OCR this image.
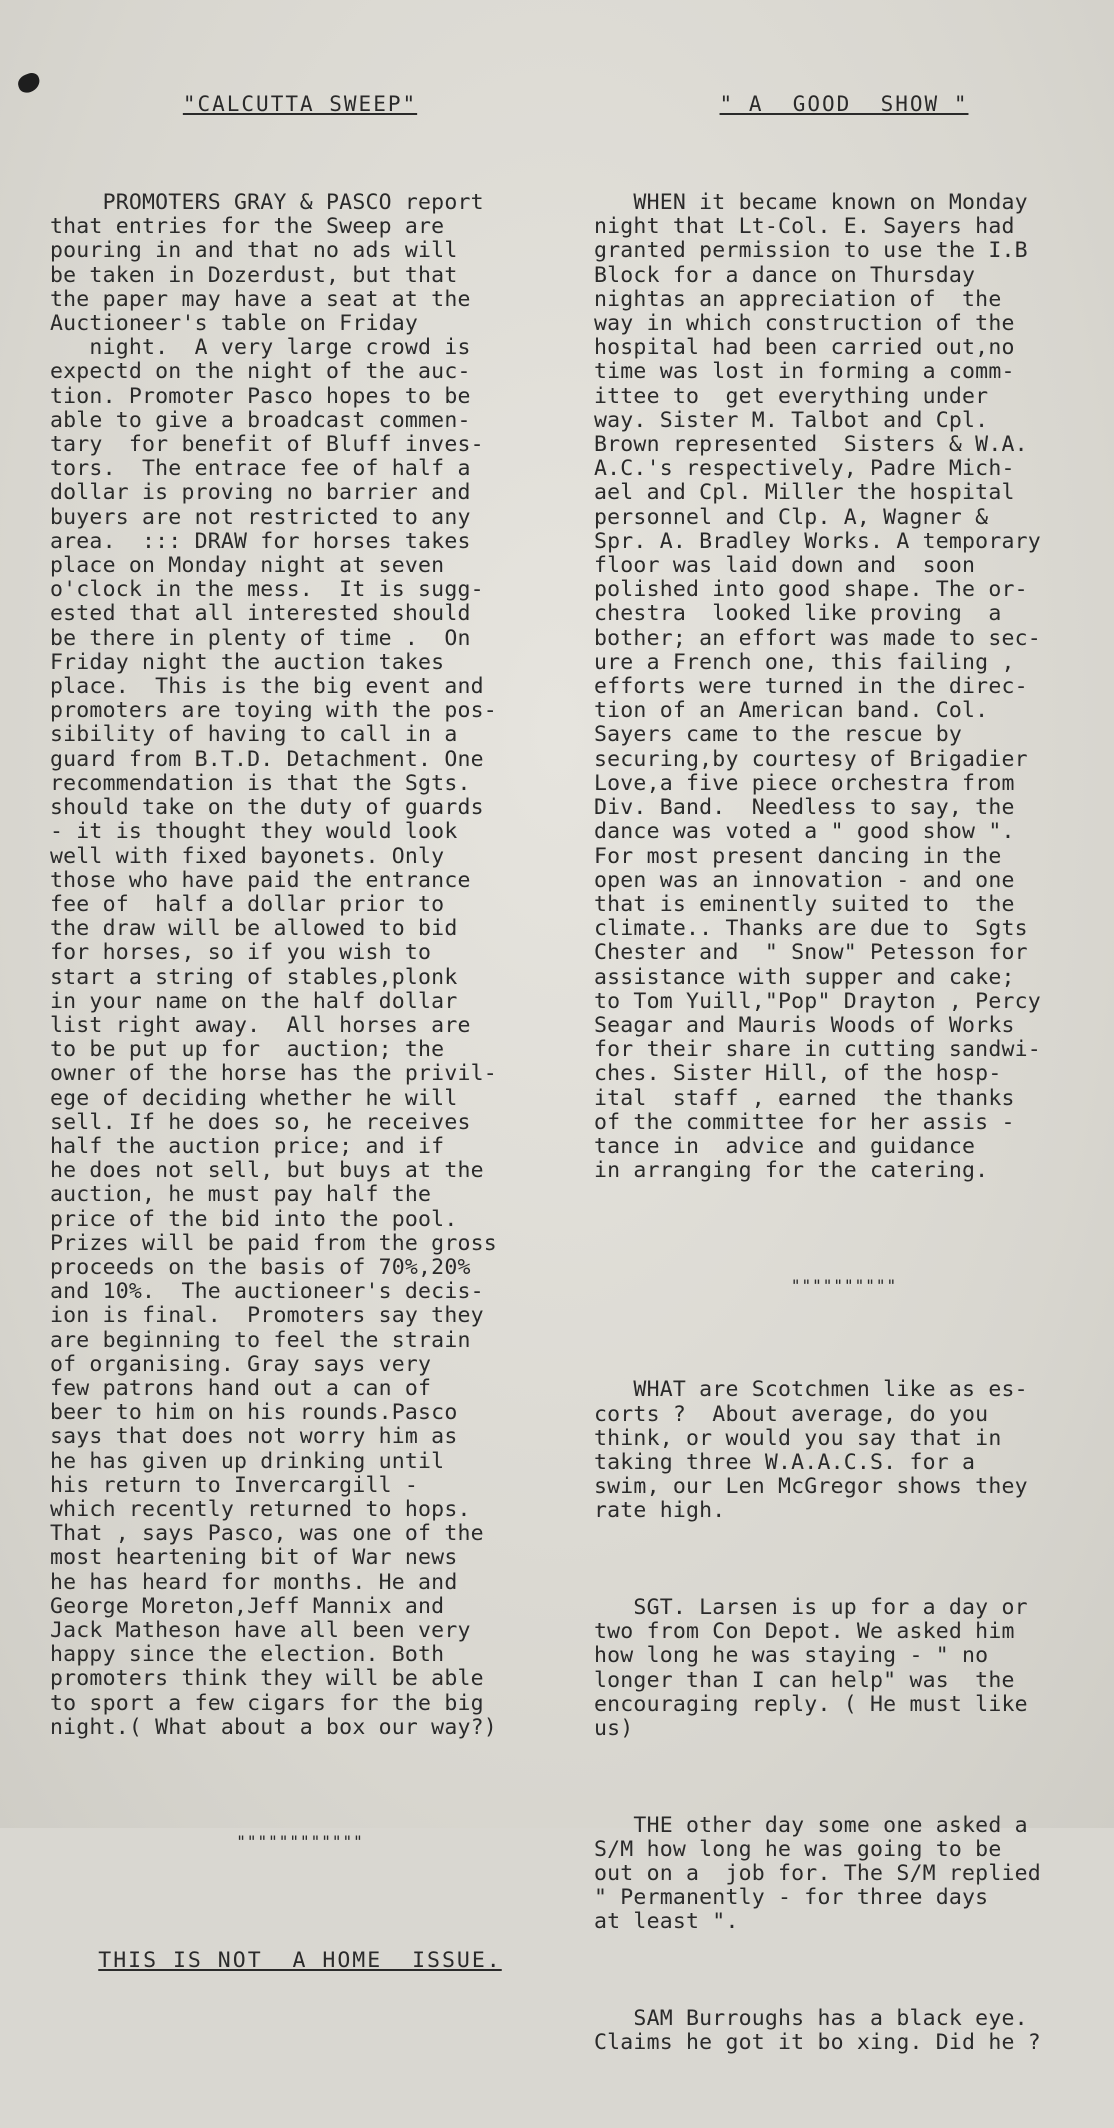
"CALCUTTA SWEEP"

PROMOTERS GRAY & PASCO report
that entries for the Sweep are
pouring in and that no ads will
be taken in Dozerdust, but that
the paper may have a seat at the
Auctioneer's table on Friday
night.  A very large crowd is
expectd on the night of the auc-
tion. Promoter Pasco hopes to be
able to give a broadcast commen-
tary  for benefit of Bluff inves-
tors.  The entrace fee of half a
dollar is proving no barrier and
buyers are not restricted to any
area.  ::: DRAW for horses takes
place on Monday night at seven
o'clock in the mess.  It is sugg-
ested that all interested should
be there in plenty of time .  On
Friday night the auction takes
place.  This is the big event and
promoters are toying with the pos-
sibility of having to call in a
guard from B.T.D. Detachment. One
recommendation is that the Sgts.
should take on the duty of guards
- it is thought they would look
well with fixed bayonets. Only
those who have paid the entrance
fee of  half a dollar prior to
the draw will be allowed to bid
for horses, so if you wish to
start a string of stables,plonk
in your name on the half dollar
list right away.  All horses are
to be put up for  auction; the
owner of the horse has the privil-
ege of deciding whether he will
sell. If he does so, he receives
half the auction price; and if
he does not sell, but buys at the
auction, he must pay half the
price of the bid into the pool.
Prizes will be paid from the gross
proceeds on the basis of 70%,20%
and 10%.  The auctioneer's decis-
ion is final.  Promoters say they
are beginning to feel the strain
of organising. Gray says very
few patrons hand out a can of
beer to him on his rounds.Pasco
says that does not worry him as
he has given up drinking until
his return to Invercargill -
which recently returned to hops.
That , says Pasco, was one of the
most heartening bit of War news
he has heard for months. He and
George Moreton,Jeff Mannix and
Jack Matheson have all been very
happy since the election. Both
promoters think they will be able
to sport a few cigars for the big
night.( What about a box our way?)

""""""""""""

THIS IS NOT  A HOME  ISSUE.

" A  GOOD  SHOW "

WHEN it became known on Monday
night that Lt-Col. E. Sayers had
granted permission to use the I.B
Block for a dance on Thursday
nightas an appreciation of  the
way in which construction of the
hospital had been carried out,no
time was lost in forming a comm-
ittee to  get everything under
way. Sister M. Talbot and Cpl.
Brown represented  Sisters & W.A.
A.C.'s respectively, Padre Mich-
ael and Cpl. Miller the hospital
personnel and Clp. A, Wagner &
Spr. A. Bradley Works. A temporary
floor was laid down and  soon
polished into good shape. The or-
chestra  looked like proving  a
bother; an effort was made to sec-
ure a French one, this failing ,
efforts were turned in the direc-
tion of an American band. Col.
Sayers came to the rescue by
securing,by courtesy of Brigadier
Love,a five piece orchestra from
Div. Band.  Needless to say, the
dance was voted a " good show ".
For most present dancing in the
open was an innovation - and one
that is eminently suited to  the
climate.. Thanks are due to  Sgts
Chester and  " Snow" Petesson for
assistance with supper and cake;
to Tom Yuill,"Pop" Drayton , Percy
Seagar and Mauris Woods of Works
for their share in cutting sandwi-
ches. Sister Hill, of the hosp-
ital  staff , earned  the thanks
of the committee for her assis -
tance in  advice and guidance
in arranging for the catering.

""""""""""

WHAT are Scotchmen like as es-
corts ?  About average, do you
think, or would you say that in
taking three W.A.A.C.S. for a
swim, our Len McGregor shows they
rate high.

SGT. Larsen is up for a day or
two from Con Depot. We asked him
how long he was staying - " no
longer than I can help" was  the
encouraging reply. ( He must like
us)

THE other day some one asked a
S/M how long he was going to be
out on a  job for. The S/M replied
" Permanently - for three days
at least ".

SAM Burroughs has a black eye.
Claims he got it bo xing. Did he ?
